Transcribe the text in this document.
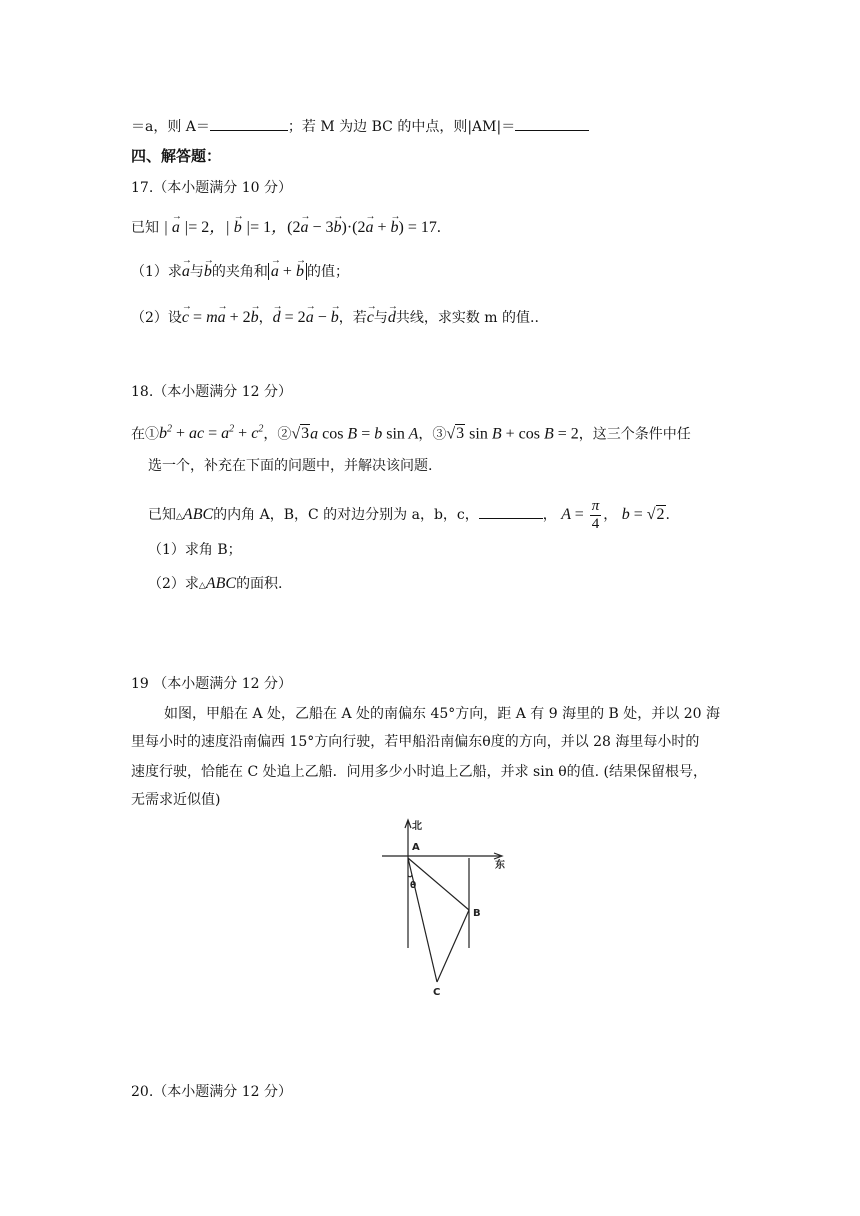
＝a，则 A＝	；若 M 为边 BC 的中点，则|AM|＝
四、解答题：
17.（本小题满分 10 分）
已知 | a → |= 2，| b → |= 1，(2a → − 3b →)·(2a → + b →) = 17.
（1）求a →与b →的夹角和 a → + b → 的值；
（2）设c → = ma → + 2b →，d → = 2a → − b →，若c →与d →共线，求实数 m 的值..
18.（本小题满分 12 分）
在$①b^2$ + ac = $a^2 + c^2$，②√3a cos B = b sin A，③√3 sin B + cos B = 2，这三个条件中任
选一个，补充在下面的问题中，并解决该问题.
已知△ABC的内角 A，B，C 的对边分别为 a，b，c，	， $A = \frac{\pi}{4}$ ， b = √2.
（1）求角 B；
（2）求△ABC的面积.
19 （本小题满分 12 分）
如图，甲船在 A 处，乙船在 A 处的南偏东 45°方向，距 A 有 9 海里的 B 处，并以 20 海
里每小时的速度沿南偏西 15°方向行驶，若甲船沿南偏东θ度的方向，并以 28 海里每小时的
速度行驶，恰能在 C 处追上乙船．问用多少小时追上乙船，并求 sin θ的值. (结果保留根号，
无需求近似值)
北
东
A
B
C
θ
20.（本小题满分 12 分）
